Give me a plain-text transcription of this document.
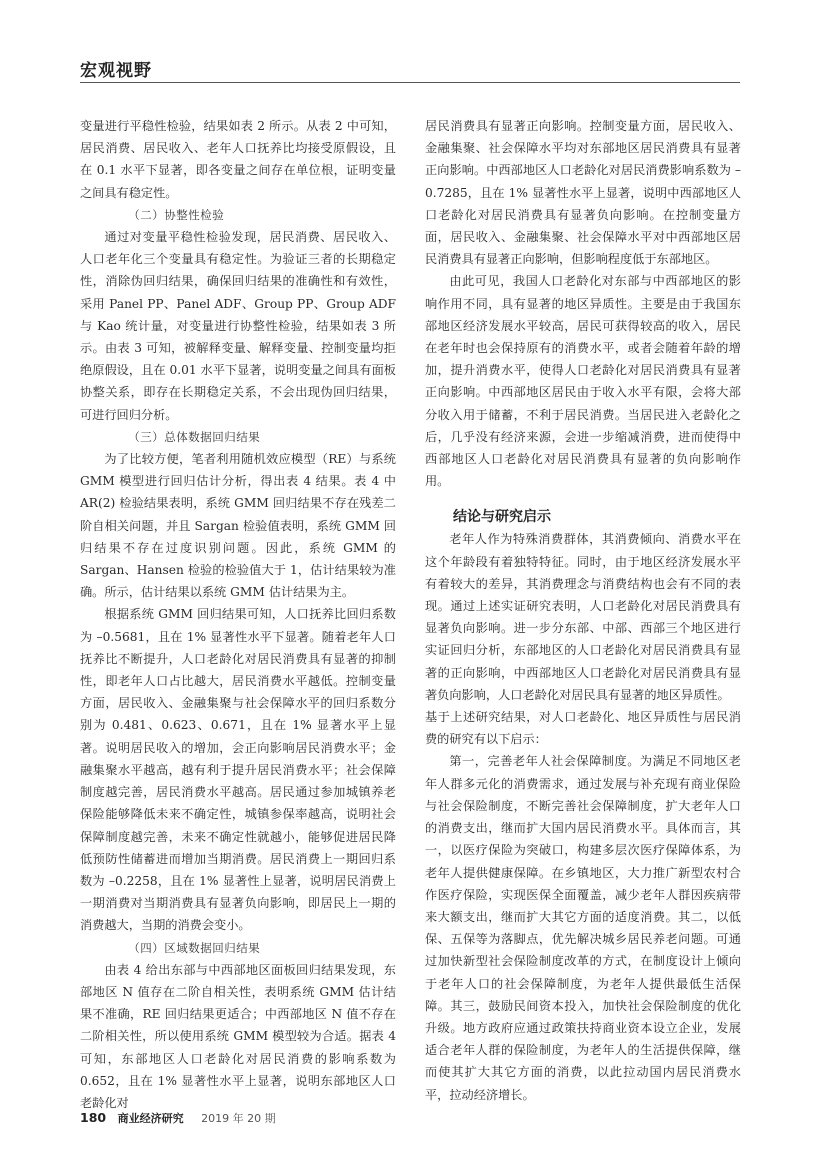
宏观视野

变量进行平稳性检验，结果如表 2 所示。从表 2 中可知，居民消费、居民收入、老年人口抚养比均接受原假设，且在 0.1 水平下显著，即各变量之间存在单位根，证明变量之间具有稳定性。

（二）协整性检验

通过对变量平稳性检验发现，居民消费、居民收入、人口老年化三个变量具有稳定性。为验证三者的长期稳定性，消除伪回归结果，确保回归结果的准确性和有效性，采用 Panel PP、Panel ADF、Group PP、Group ADF 与 Kao 统计量，对变量进行协整性检验，结果如表 3 所示。由表 3 可知，被解释变量、解释变量、控制变量均拒绝原假设，且在 0.01 水平下显著，说明变量之间具有面板协整关系，即存在长期稳定关系，不会出现伪回归结果，可进行回归分析。

（三）总体数据回归结果

为了比较方便，笔者利用随机效应模型（RE）与系统 GMM 模型进行回归估计分析，得出表 4 结果。表 4 中 AR(2) 检验结果表明，系统 GMM 回归结果不存在残差二阶自相关问题，并且 Sargan 检验值表明，系统 GMM 回归结果不存在过度识别问题。因此，系统 GMM 的 Sargan、Hansen 检验的检验值大于 1，估计结果较为准确。所示，估计结果以系统 GMM 估计结果为主。

根据系统 GMM 回归结果可知，人口抚养比回归系数为 –0.5681，且在 1% 显著性水平下显著。随着老年人口抚养比不断提升，人口老龄化对居民消费具有显著的抑制性，即老年人口占比越大，居民消费水平越低。控制变量方面，居民收入、金融集聚与社会保障水平的回归系数分别为 0.481、0.623、0.671，且在 1% 显著水平上显著。说明居民收入的增加，会正向影响居民消费水平；金融集聚水平越高，越有利于提升居民消费水平；社会保障制度越完善，居民消费水平越高。居民通过参加城镇养老保险能够降低未来不确定性，城镇参保率越高，说明社会保障制度越完善，未来不确定性就越小，能够促进居民降低预防性储蓄进而增加当期消费。居民消费上一期回归系数为 –0.2258，且在 1% 显著性上显著，说明居民消费上一期消费对当期消费具有显著负向影响，即居民上一期的消费越大，当期的消费会变小。

（四）区域数据回归结果

由表 4 给出东部与中西部地区面板回归结果发现，东部地区 N 值存在二阶自相关性，表明系统 GMM 估计结果不准确，RE 回归结果更适合；中西部地区 N 值不存在二阶相关性，所以使用系统 GMM 模型较为合适。据表 4 可知，东部地区人口老龄化对居民消费的影响系数为 0.652，且在 1% 显著性水平上显著，说明东部地区人口老龄化对

居民消费具有显著正向影响。控制变量方面，居民收入、金融集聚、社会保障水平均对东部地区居民消费具有显著正向影响。中西部地区人口老龄化对居民消费影响系数为 –0.7285，且在 1% 显著性水平上显著，说明中西部地区人口老龄化对居民消费具有显著负向影响。在控制变量方面，居民收入、金融集聚、社会保障水平对中西部地区居民消费具有显著正向影响，但影响程度低于东部地区。

由此可见，我国人口老龄化对东部与中西部地区的影响作用不同，具有显著的地区异质性。主要是由于我国东部地区经济发展水平较高，居民可获得较高的收入，居民在老年时也会保持原有的消费水平，或者会随着年龄的增加，提升消费水平，使得人口老龄化对居民消费具有显著正向影响。中西部地区居民由于收入水平有限，会将大部分收入用于储蓄，不利于居民消费。当居民进入老龄化之后，几乎没有经济来源，会进一步缩减消费，进而使得中西部地区人口老龄化对居民消费具有显著的负向影响作用。

结论与研究启示

老年人作为特殊消费群体，其消费倾向、消费水平在这个年龄段有着独特特征。同时，由于地区经济发展水平有着较大的差异，其消费理念与消费结构也会有不同的表现。通过上述实证研究表明，人口老龄化对居民消费具有显著负向影响。进一步分东部、中部、西部三个地区进行实证回归分析，东部地区的人口老龄化对居民消费具有显著的正向影响，中西部地区人口老龄化对居民消费具有显著负向影响，人口老龄化对居民具有显著的地区异质性。

基于上述研究结果，对人口老龄化、地区异质性与居民消费的研究有以下启示：

第一，完善老年人社会保障制度。为满足不同地区老年人群多元化的消费需求，通过发展与补充现有商业保险与社会保险制度，不断完善社会保障制度，扩大老年人口的消费支出，继而扩大国内居民消费水平。具体而言，其一，以医疗保险为突破口，构建多层次医疗保障体系，为老年人提供健康保障。在乡镇地区，大力推广新型农村合作医疗保险，实现医保全面覆盖，减少老年人群因疾病带来大额支出，继而扩大其它方面的适度消费。其二，以低保、五保等为落脚点，优先解决城乡居民养老问题。可通过加快新型社会保险制度改革的方式，在制度设计上倾向于老年人口的社会保障制度，为老年人提供最低生活保障。其三，鼓励民间资本投入，加快社会保险制度的优化升级。地方政府应通过政策扶持商业资本设立企业，发展适合老年人群的保险制度，为老年人的生活提供保障，继而使其扩大其它方面的消费，以此拉动国内居民消费水平，拉动经济增长。

180 商业经济研究 2019 年 20 期
